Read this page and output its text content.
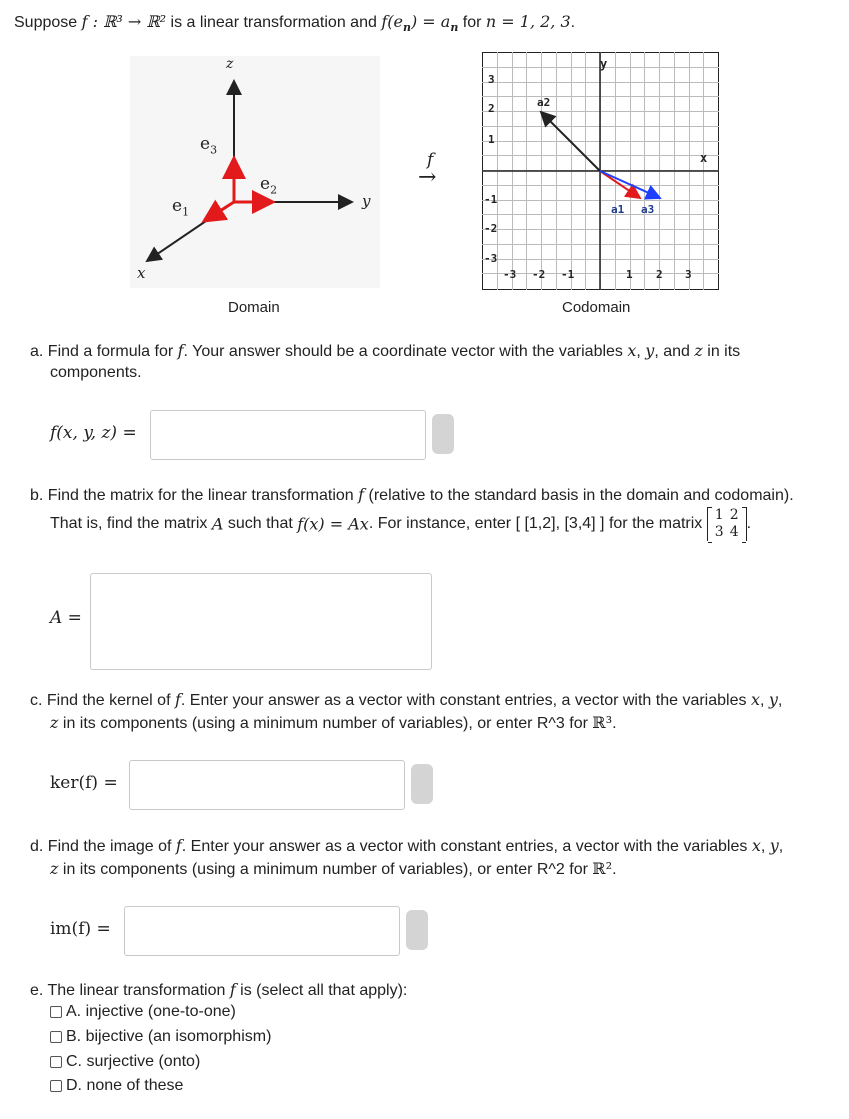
Suppose f : ℝ³ → ℝ² is a linear transformation and $f(e_n) = a_n$ for n = 1, 2, 3.
z
y
x
$e_3$
$e_2$
$e_1$
Domain
f
→
y
x
3
2
1
-1
-2
-3
-3 -2 -1	1 2 3
a2
a1 a3
Codomain
a. Find a formula for f. Your answer should be a coordinate vector with the variables x, y, and z in its
components.
f(x, y, z) =
b. Find the matrix for the linear transformation f (relative to the standard basis in the domain and codomain).
That is, find the matrix A such that f(x) = Ax. For instance, enter [ [1,2], [3,4] ] for the matrix 1	2
3	4 .
A =
c. Find the kernel of f. Enter your answer as a vector with constant entries, a vector with the variables x, y,
z in its components (using a minimum number of variables), or enter R^3 for ℝ³.
ker(f) =
d. Find the image of f. Enter your answer as a vector with constant entries, a vector with the variables x, y,
z in its components (using a minimum number of variables), or enter R^2 for ℝ².
im(f) =
e. The linear transformation f is (select all that apply):
A. injective (one-to-one)
B. bijective (an isomorphism)
C. surjective (onto)
D. none of these
